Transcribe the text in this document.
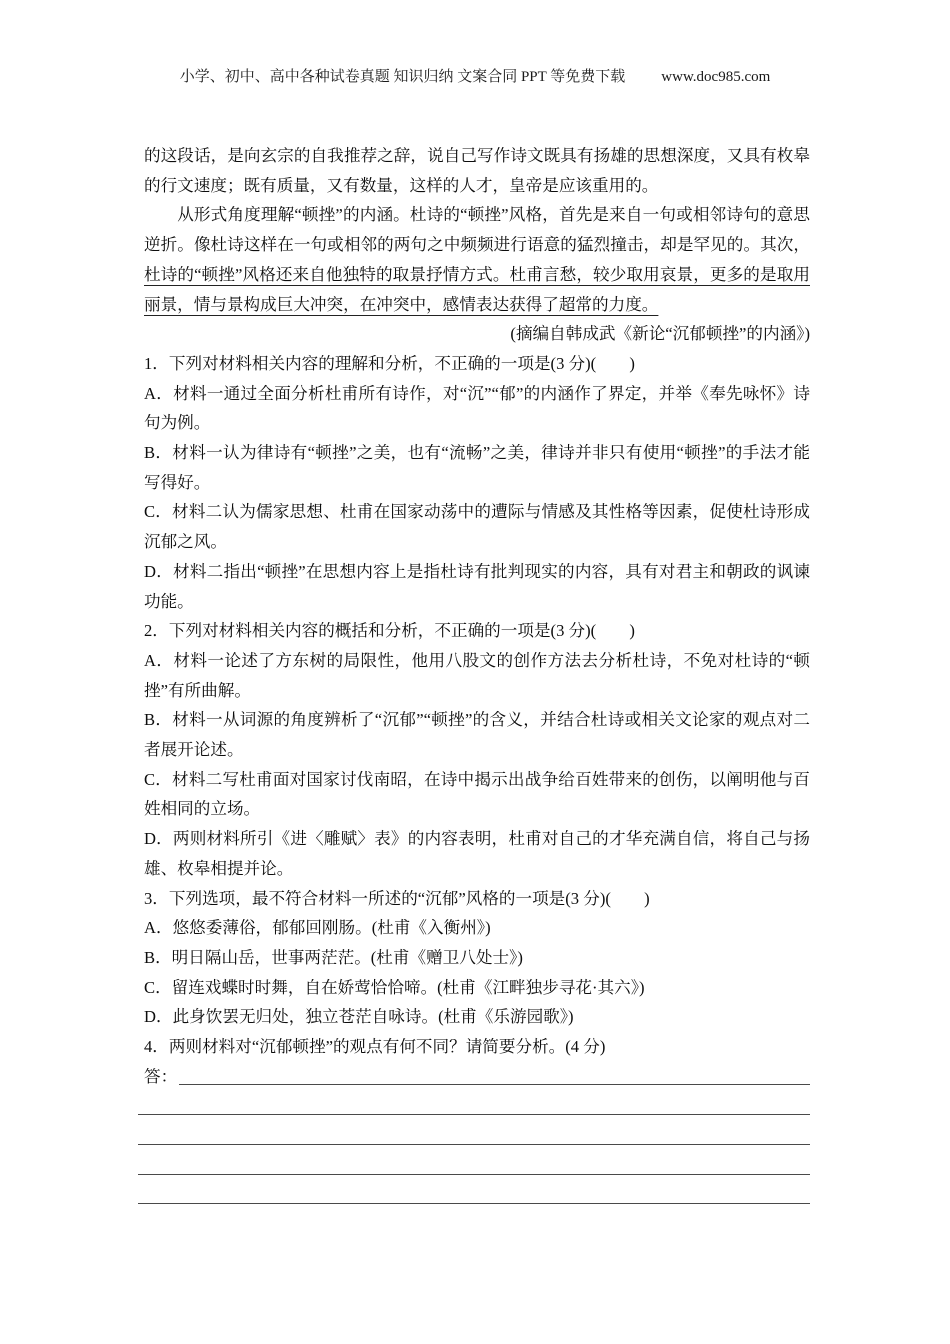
小学、初中、高中各种试卷真题 知识归纳 文案合同 PPT 等免费下载 www.doc985.com

的这段话，是向玄宗的自我推荐之辞，说自己写作诗文既具有扬雄的思想深度，又具有枚皋的行文速度；既有质量，又有数量，这样的人才，皇帝是应该重用的。

从形式角度理解“顿挫”的内涵。杜诗的“顿挫”风格，首先是来自一句或相邻诗句的意思逆折。像杜诗这样在一句或相邻的两句之中频频进行语意的猛烈撞击，却是罕见的。其次，杜诗的“顿挫”风格还来自他独特的取景抒情方式。杜甫言愁，较少取用哀景，更多的是取用丽景，情与景构成巨大冲突，在冲突中，感情表达获得了超常的力度。

(摘编自韩成武《新论“沉郁顿挫”的内涵》)

1．下列对材料相关内容的理解和分析，不正确的一项是(3 分)(　　)

A．材料一通过全面分析杜甫所有诗作，对“沉”“郁”的内涵作了界定，并举《奉先咏怀》诗句为例。

B．材料一认为律诗有“顿挫”之美，也有“流畅”之美，律诗并非只有使用“顿挫”的手法才能写得好。

C．材料二认为儒家思想、杜甫在国家动荡中的遭际与情感及其性格等因素，促使杜诗形成沉郁之风。

D．材料二指出“顿挫”在思想内容上是指杜诗有批判现实的内容，具有对君主和朝政的讽谏功能。

2．下列对材料相关内容的概括和分析，不正确的一项是(3 分)(　　)

A．材料一论述了方东树的局限性，他用八股文的创作方法去分析杜诗，不免对杜诗的“顿挫”有所曲解。

B．材料一从词源的角度辨析了“沉郁”“顿挫”的含义，并结合杜诗或相关文论家的观点对二者展开论述。

C．材料二写杜甫面对国家讨伐南昭，在诗中揭示出战争给百姓带来的创伤，以阐明他与百姓相同的立场。

D．两则材料所引《进〈雕赋〉表》的内容表明，杜甫对自己的才华充满自信，将自己与扬雄、枚皋相提并论。

3．下列选项，最不符合材料一所述的“沉郁”风格的一项是(3 分)(　　)

A．悠悠委薄俗，郁郁回刚肠。(杜甫《入衡州》)

B．明日隔山岳，世事两茫茫。(杜甫《赠卫八处士》)

C．留连戏蝶时时舞，自在娇莺恰恰啼。(杜甫《江畔独步寻花·其六》)

D．此身饮罢无归处，独立苍茫自咏诗。(杜甫《乐游园歌》)

4．两则材料对“沉郁顿挫”的观点有何不同？请简要分析。(4 分)

答：
